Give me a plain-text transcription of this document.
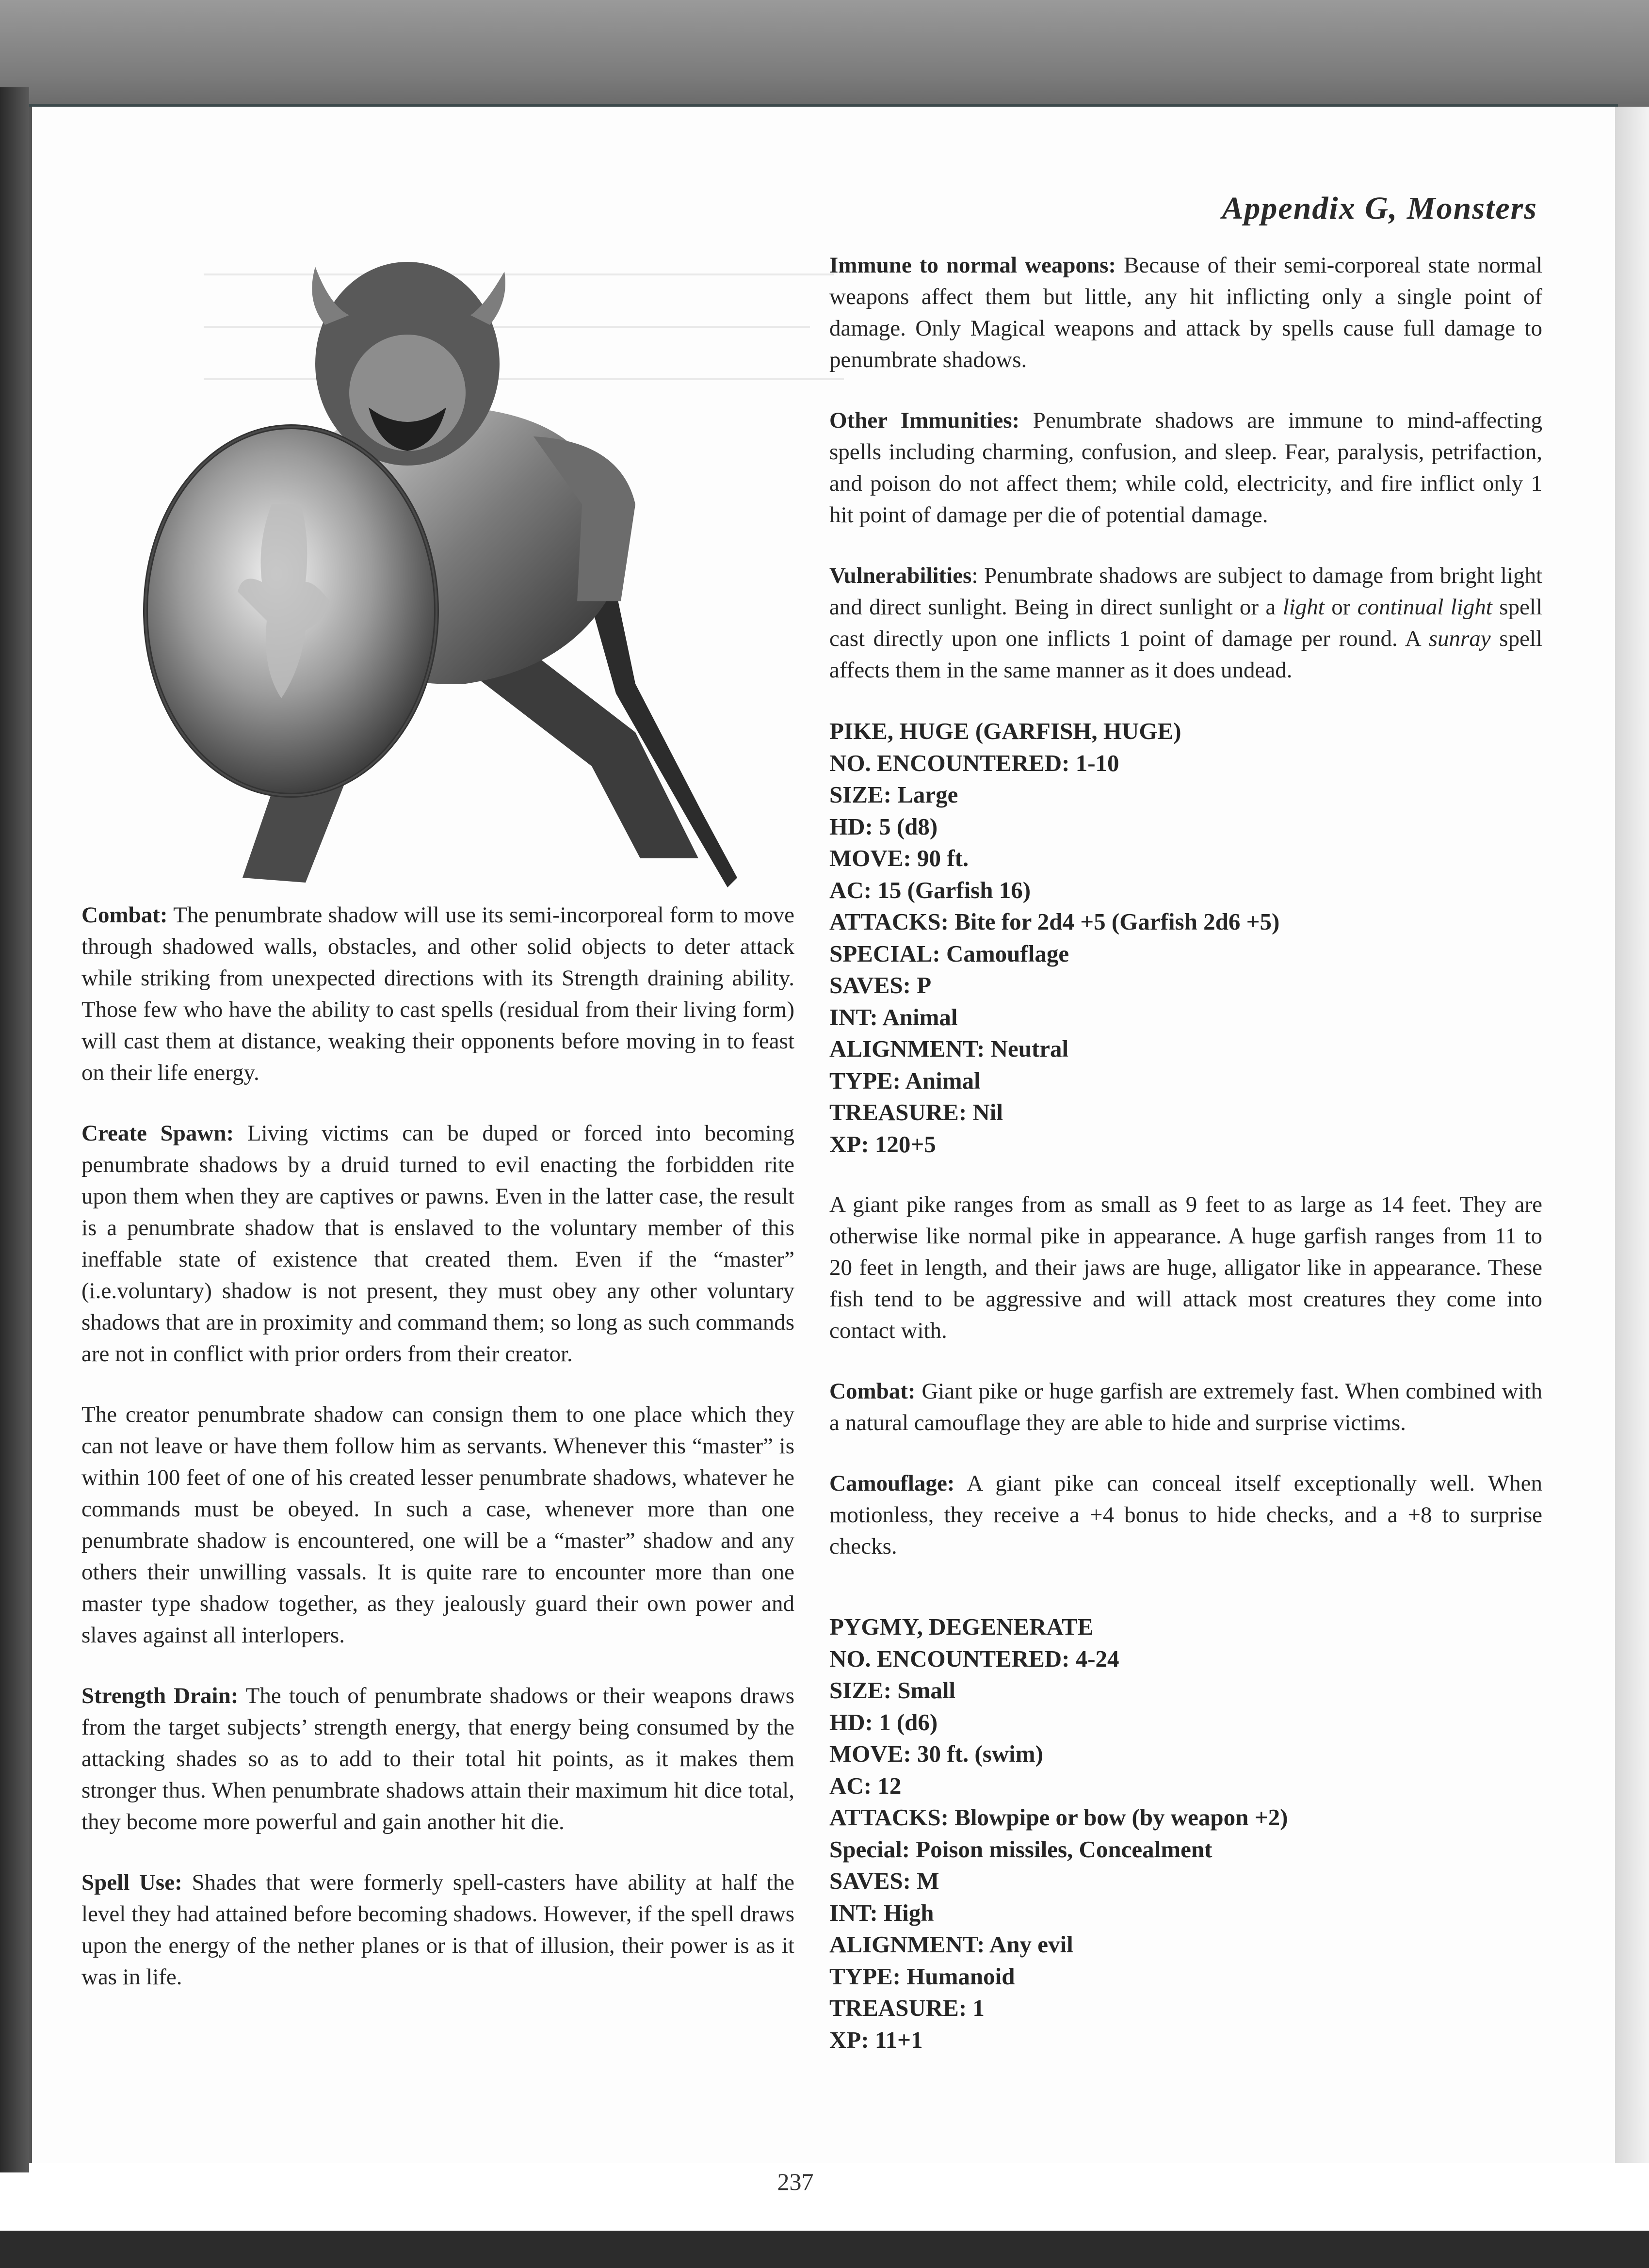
Appendix G, Monsters

Combat: The penumbrate shadow will use its semi-incorporeal form to move through shadowed walls, obstacles, and other solid objects to deter attack while striking from unexpected directions with its Strength draining ability. Those few who have the ability to cast spells (residual from their living form) will cast them at distance, weaking their opponents before moving in to feast on their life energy.

Create Spawn: Living victims can be duped or forced into becoming penumbrate shadows by a druid turned to evil enacting the forbidden rite upon them when they are captives or pawns. Even in the latter case, the result is a penumbrate shadow that is enslaved to the voluntary member of this ineffable state of existence that created them. Even if the “master” (i.e.voluntary) shadow is not present, they must obey any other voluntary shadows that are in proximity and command them; so long as such commands are not in conflict with prior orders from their creator.

The creator penumbrate shadow can consign them to one place which they can not leave or have them follow him as servants. Whenever this “master” is within 100 feet of one of his created lesser penumbrate shadows, whatever he commands must be obeyed. In such a case, whenever more than one penumbrate shadow is encountered, one will be a “master” shadow and any others their unwilling vassals. It is quite rare to encounter more than one master type shadow together, as they jealously guard their own power and slaves against all interlopers.

Strength Drain: The touch of penumbrate shadows or their weapons draws from the target subjects’ strength energy, that energy being consumed by the attacking shades so as to add to their total hit points, as it makes them stronger thus. When penumbrate shadows attain their maximum hit dice total, they become more powerful and gain another hit die.

Spell Use: Shades that were formerly spell-casters have ability at half the level they had attained before becoming shadows. However, if the spell draws upon the energy of the nether planes or is that of illusion, their power is as it was in life.

Immune to normal weapons: Because of their semi-corporeal state normal weapons affect them but little, any hit inflicting only a single point of damage. Only Magical weapons and attack by spells cause full damage to penumbrate shadows.

Other Immunities: Penumbrate shadows are immune to mind-affecting spells including charming, confusion, and sleep. Fear, paralysis, petrifaction, and poison do not affect them; while cold, electricity, and fire inflict only 1 hit point of damage per die of potential damage.

Vulnerabilities: Penumbrate shadows are subject to damage from bright light and direct sunlight. Being in direct sunlight or a light or continual light spell cast directly upon one inflicts 1 point of damage per round. A sunray spell affects them in the same manner as it does undead.

PIKE, HUGE (GARFISH, HUGE)
NO. ENCOUNTERED: 1-10
SIZE: Large
HD: 5 (d8)
MOVE: 90 ft.
AC: 15 (Garfish 16)
ATTACKS: Bite for 2d4 +5 (Garfish 2d6 +5)
SPECIAL: Camouflage
SAVES: P
INT: Animal
ALIGNMENT: Neutral
TYPE: Animal
TREASURE: Nil
XP: 120+5

A giant pike ranges from as small as 9 feet to as large as 14 feet. They are otherwise like normal pike in appearance. A huge garfish ranges from 11 to 20 feet in length, and their jaws are huge, alligator like in appearance. These fish tend to be aggressive and will attack most creatures they come into contact with.

Combat: Giant pike or huge garfish are extremely fast. When combined with a natural camouflage they are able to hide and surprise victims.

Camouflage: A giant pike can conceal itself exceptionally well. When motionless, they receive a +4 bonus to hide checks, and a +8 to surprise checks.

PYGMY, DEGENERATE
NO. ENCOUNTERED: 4-24
SIZE: Small
HD: 1 (d6)
MOVE: 30 ft. (swim)
AC: 12
ATTACKS: Blowpipe or bow (by weapon +2)
Special: Poison missiles, Concealment
SAVES: M
INT: High
ALIGNMENT: Any evil
TYPE: Humanoid
TREASURE: 1
XP: 11+1
237
